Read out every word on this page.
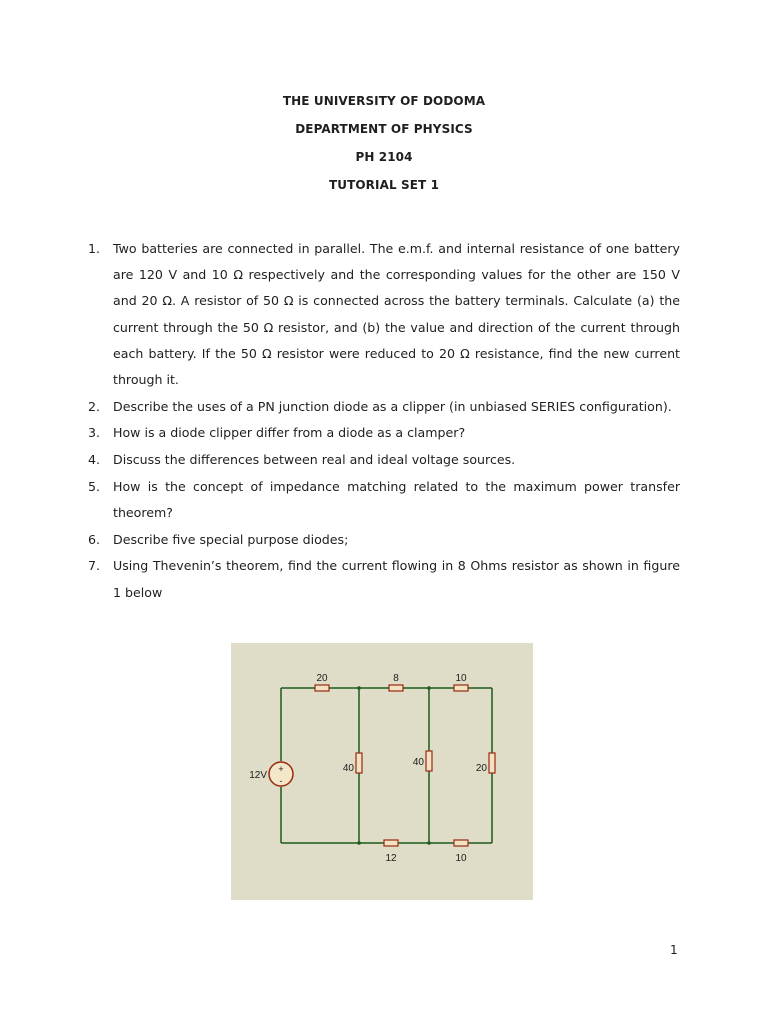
THE UNIVERSITY OF DODOMA
DEPARTMENT OF PHYSICS
PH 2104
TUTORIAL SET 1
1. Two batteries are connected in parallel. The e.m.f. and internal resistance of one battery are 120 V and 10 Ω respectively and the corresponding values for the other are 150 V and 20 Ω. A resistor of 50 Ω is connected across the battery terminals. Calculate (a) the current through the 50 Ω resistor, and (b) the value and direction of the current through each battery. If the 50 Ω resistor were reduced to 20 Ω resistance, find the new current through it.
2. Describe the uses of a PN junction diode as a clipper (in unbiased SERIES configuration).
3. How is a diode clipper differ from a diode as a clamper?
4. Discuss the differences between real and ideal voltage sources.
5. How is the concept of impedance matching related to the maximum power transfer theorem?
6. Describe five special purpose diodes;
7. Using Thevenin’s theorem, find the current flowing in 8 Ohms resistor as shown in figure 1 below
+
-
12V
20	8	10
40
40
20
12	10
1
